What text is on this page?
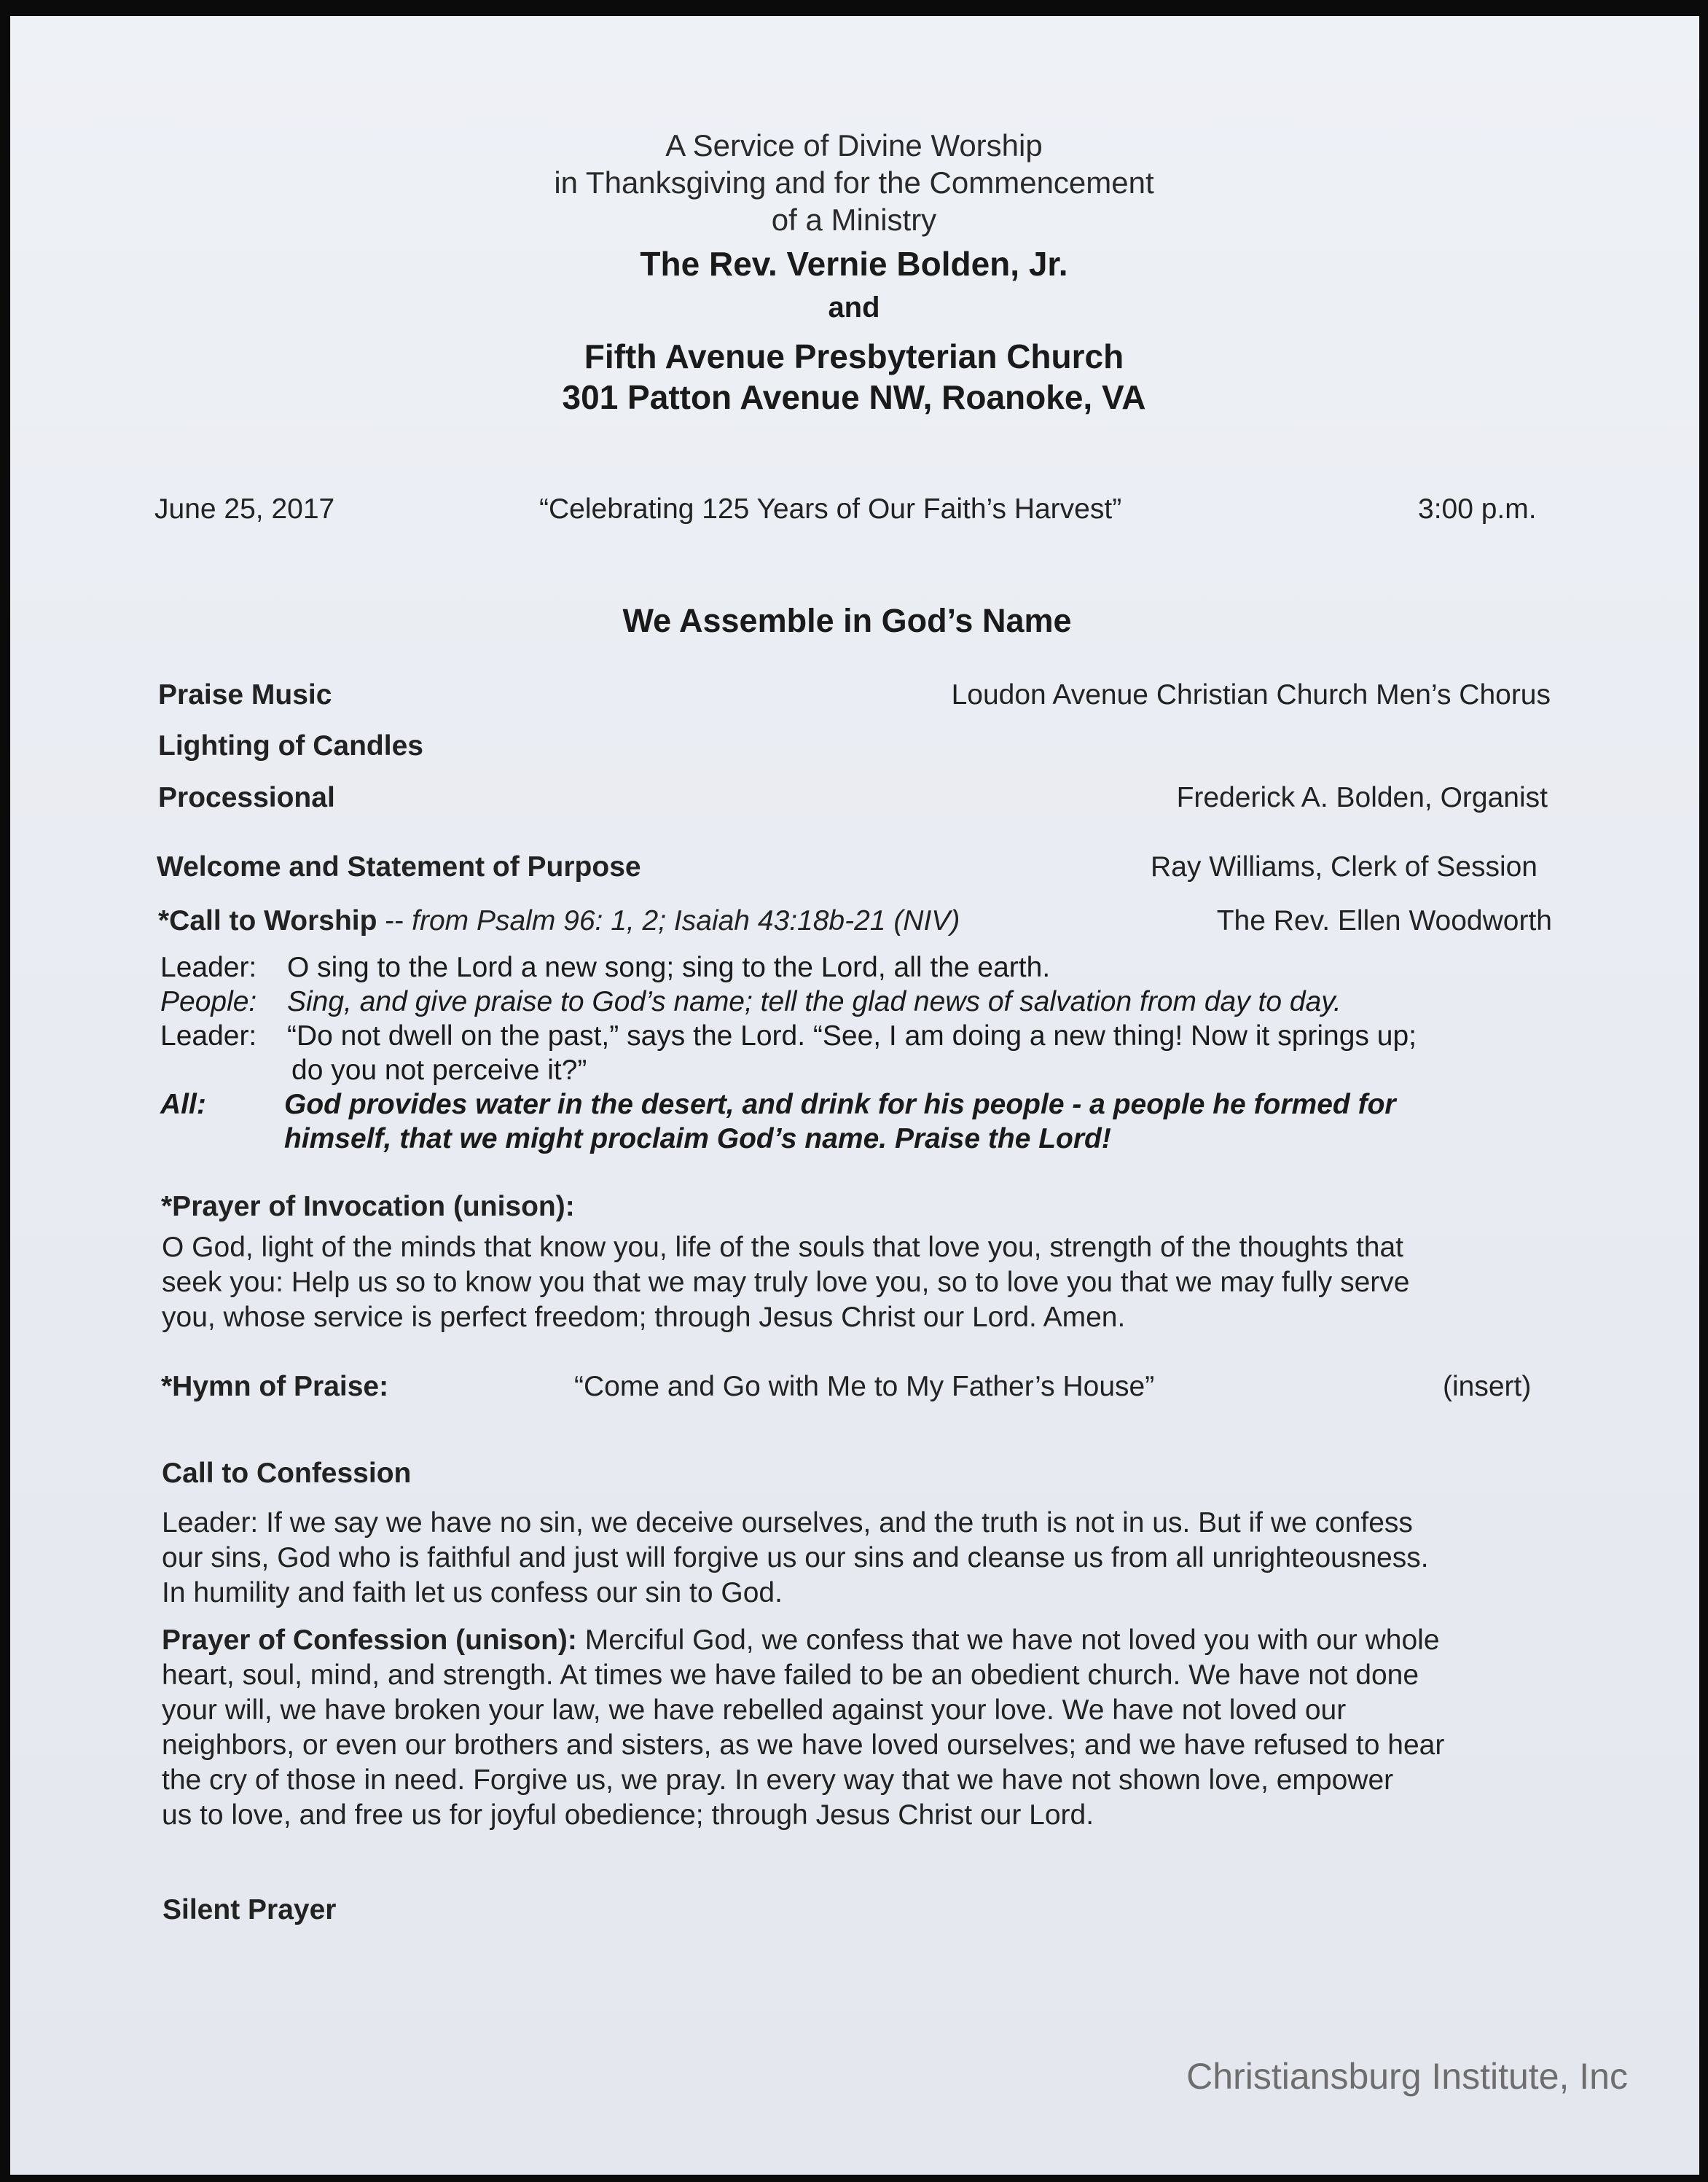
A Service of Divine Worship
in Thanksgiving and for the Commencement
of a Ministry
The Rev. Vernie Bolden, Jr.
and
Fifth Avenue Presbyterian Church
301 Patton Avenue NW, Roanoke, VA
June 25, 2017	“Celebrating 125 Years of Our Faith’s Harvest”	3:00 p.m.
We Assemble in God’s Name
Praise Music	Loudon Avenue Christian Church Men’s Chorus
Lighting of Candles
Processional	Frederick A. Bolden, Organist
Welcome and Statement of Purpose	Ray Williams, Clerk of Session
*Call to Worship -- from Psalm 96: 1, 2; Isaiah 43:18b-21 (NIV)	The Rev. Ellen Woodworth
Leader: O sing to the Lord a new song; sing to the Lord, all the earth.
People: Sing, and give praise to God’s name; tell the glad news of salvation from day to day.
Leader: “Do not dwell on the past,” says the Lord. “See, I am doing a new thing! Now it springs up;
do you not perceive it?”
All:	God provides water in the desert, and drink for his people - a people he formed for
himself, that we might proclaim God’s name. Praise the Lord!
*Prayer of Invocation (unison):
O God, light of the minds that know you, life of the souls that love you, strength of the thoughts that
seek you: Help us so to know you that we may truly love you, so to love you that we may fully serve
you, whose service is perfect freedom; through Jesus Christ our Lord. Amen.
*Hymn of Praise:	“Come and Go with Me to My Father’s House”	(insert)
Call to Confession
Leader: If we say we have no sin, we deceive ourselves, and the truth is not in us. But if we confess
our sins, God who is faithful and just will forgive us our sins and cleanse us from all unrighteousness.
In humility and faith let us confess our sin to God.
Prayer of Confession (unison): Merciful God, we confess that we have not loved you with our whole
heart, soul, mind, and strength. At times we have failed to be an obedient church. We have not done
your will, we have broken your law, we have rebelled against your love. We have not loved our
neighbors, or even our brothers and sisters, as we have loved ourselves; and we have refused to hear
the cry of those in need. Forgive us, we pray. In every way that we have not shown love, empower
us to love, and free us for joyful obedience; through Jesus Christ our Lord.
Silent Prayer
Christiansburg Institute, Inc
